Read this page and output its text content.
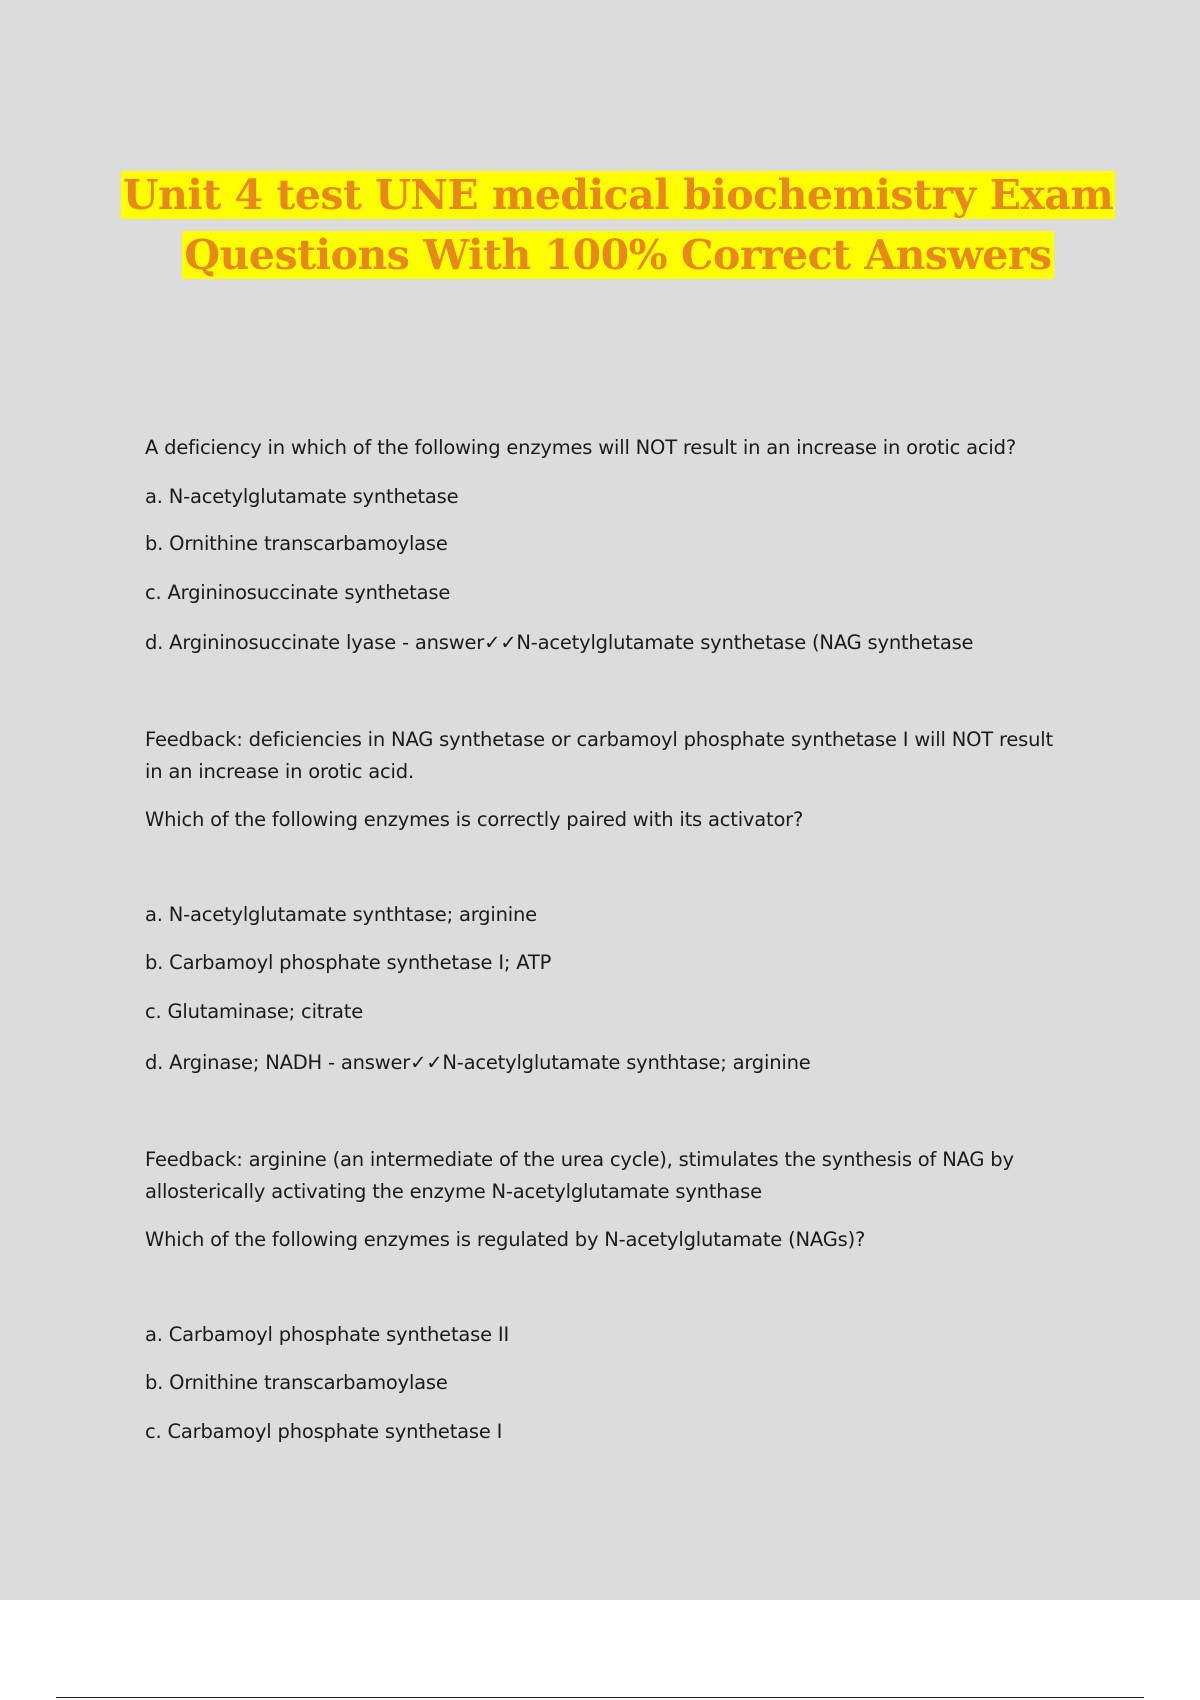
Unit 4 test UNE medical biochemistry Exam
Questions With 100% Correct Answers
A deficiency in which of the following enzymes will NOT result in an increase in orotic acid?
a. N-acetylglutamate synthetase
b. Ornithine transcarbamoylase
c. Argininosuccinate synthetase
d. Argininosuccinate lyase - answer✓✓N-acetylglutamate synthetase (NAG synthetase
Feedback: deficiencies in NAG synthetase or carbamoyl phosphate synthetase I will NOT result
in an increase in orotic acid.
Which of the following enzymes is correctly paired with its activator?
a. N-acetylglutamate synthtase; arginine
b. Carbamoyl phosphate synthetase I; ATP
c. Glutaminase; citrate
d. Arginase; NADH - answer✓✓N-acetylglutamate synthtase; arginine
Feedback: arginine (an intermediate of the urea cycle), stimulates the synthesis of NAG by
allosterically activating the enzyme N-acetylglutamate synthase
Which of the following enzymes is regulated by N-acetylglutamate (NAGs)?
a. Carbamoyl phosphate synthetase II
b. Ornithine transcarbamoylase
c. Carbamoyl phosphate synthetase I
